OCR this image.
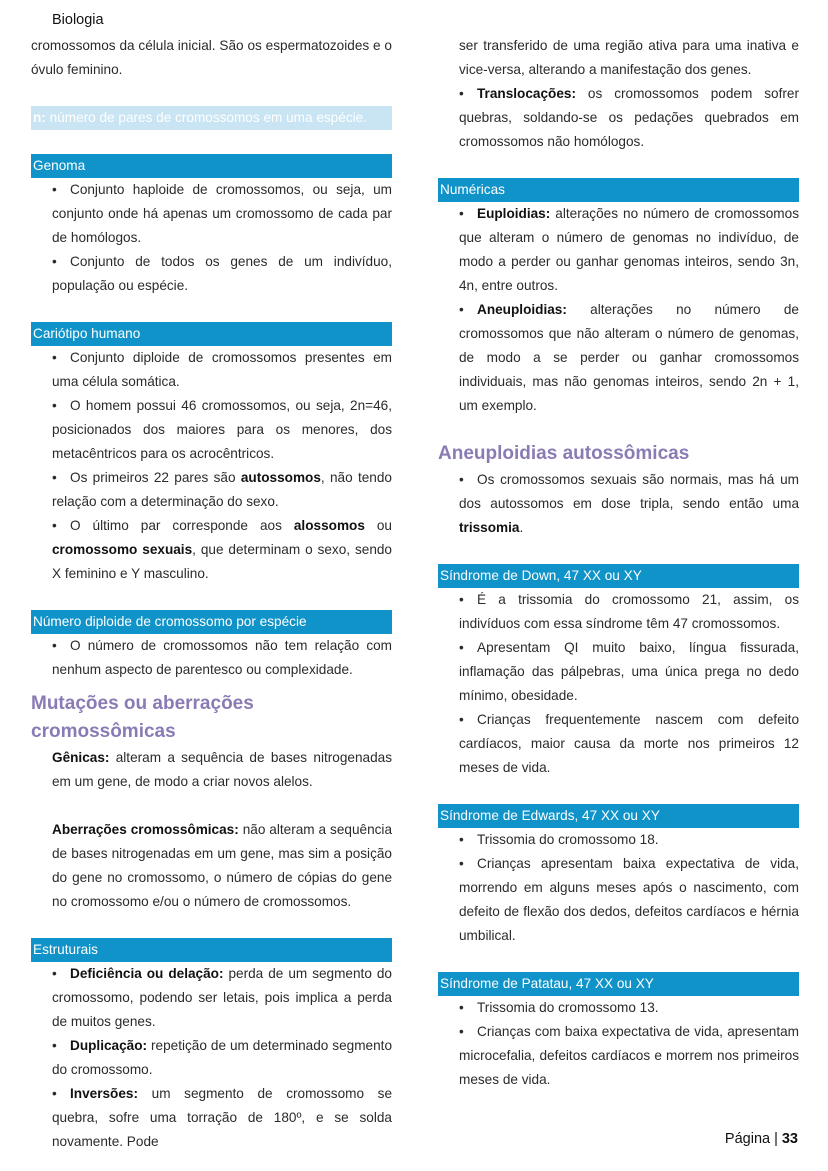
Biologia

cromossomos da célula inicial. São os espermatozoides e o óvulo feminino.

n: número de pares de cromossomos em uma espécie.
Genoma
• Conjunto haploide de cromossomos, ou seja, um conjunto onde há apenas um cromossomo de cada par de homólogos.
• Conjunto de todos os genes de um indivíduo, população ou espécie.
Cariótipo humano
• Conjunto diploide de cromossomos presentes em uma célula somática.
• O homem possui 46 cromossomos, ou seja, 2n=46, posicionados dos maiores para os menores, dos metacêntricos para os acrocêntricos.
• Os primeiros 22 pares são autossomos, não tendo relação com a determinação do sexo.
• O último par corresponde aos alossomos ou cromossomo sexuais, que determinam o sexo, sendo X feminino e Y masculino.
Número diploide de cromossomo por espécie
• O número de cromossomos não tem relação com nenhum aspecto de parentesco ou complexidade.
Mutações ou aberrações cromossômicas

Gênicas: alteram a sequência de bases nitrogenadas em um gene, de modo a criar novos alelos.

Aberrações cromossômicas: não alteram a sequência de bases nitrogenadas em um gene, mas sim a posição do gene no cromossomo, o número de cópias do gene no cromossomo e/ou o número de cromossomos.

Estruturais
• Deficiência ou delação: perda de um segmento do cromossomo, podendo ser letais, pois implica a perda de muitos genes.
• Duplicação: repetição de um determinado segmento do cromossomo.
• Inversões: um segmento de cromossomo se quebra, sofre uma torração de 180º, e se solda novamente. Pode

ser transferido de uma região ativa para uma inativa e vice-versa, alterando a manifestação dos genes.

• Translocações: os cromossomos podem sofrer quebras, soldando-se os pedações quebrados em cromossomos não homólogos.
Numéricas
• Euploidias: alterações no número de cromossomos que alteram o número de genomas no indivíduo, de modo a perder ou ganhar genomas inteiros, sendo 3n, 4n, entre outros.
• Aneuploidias: alterações no número de cromossomos que não alteram o número de genomas, de modo a se perder ou ganhar cromossomos individuais, mas não genomas inteiros, sendo 2n + 1, um exemplo.
Aneuploidias autossômicas
• Os cromossomos sexuais são normais, mas há um dos autossomos em dose tripla, sendo então uma trissomia.
Síndrome de Down, 47 XX ou XY
• É a trissomia do cromossomo 21, assim, os indivíduos com essa síndrome têm 47 cromossomos.
• Apresentam QI muito baixo, língua fissurada, inflamação das pálpebras, uma única prega no dedo mínimo, obesidade.
• Crianças frequentemente nascem com defeito cardíacos, maior causa da morte nos primeiros 12 meses de vida.
Síndrome de Edwards, 47 XX ou XY
• Trissomia do cromossomo 18.
• Crianças apresentam baixa expectativa de vida, morrendo em alguns meses após o nascimento, com defeito de flexão dos dedos, defeitos cardíacos e hérnia umbilical.
Síndrome de Patatau, 47 XX ou XY
• Trissomia do cromossomo 13.
• Crianças com baixa expectativa de vida, apresentam microcefalia, defeitos cardíacos e morrem nos primeiros meses de vida.
Página | 33
